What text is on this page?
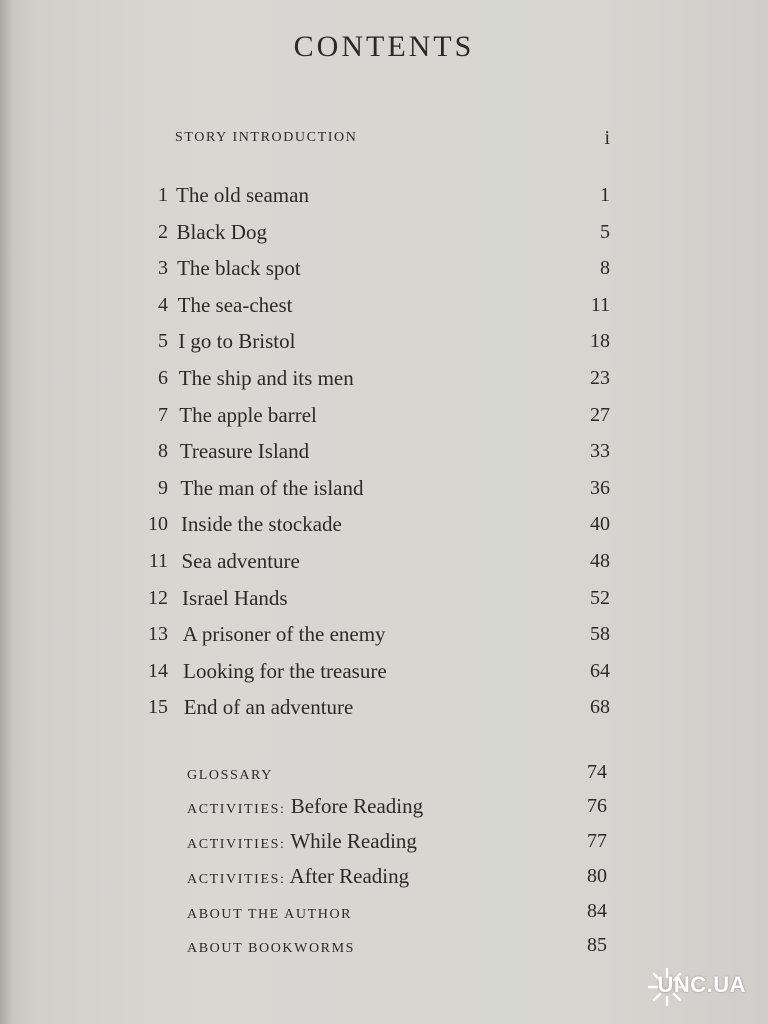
CONTENTS
STORY INTRODUCTION	i
1 The old seaman	1
2 Black Dog	5
3 The black spot	8
4 The sea-chest	11
5 I go to Bristol	18
6 The ship and its men	23
7 The apple barrel	27
8 Treasure Island	33
9 The man of the island	36
10 Inside the stockade	40
11 Sea adventure	48
12 Israel Hands	52
13 A prisoner of the enemy	58
14 Looking for the treasure	64
15 End of an adventure	68
GLOSSARY	74
ACTIVITIES: Before Reading	76
ACTIVITIES: While Reading	77
ACTIVITIES: After Reading	80
ABOUT THE AUTHOR	84
ABOUT BOOKWORMS	85
UNC.UA
